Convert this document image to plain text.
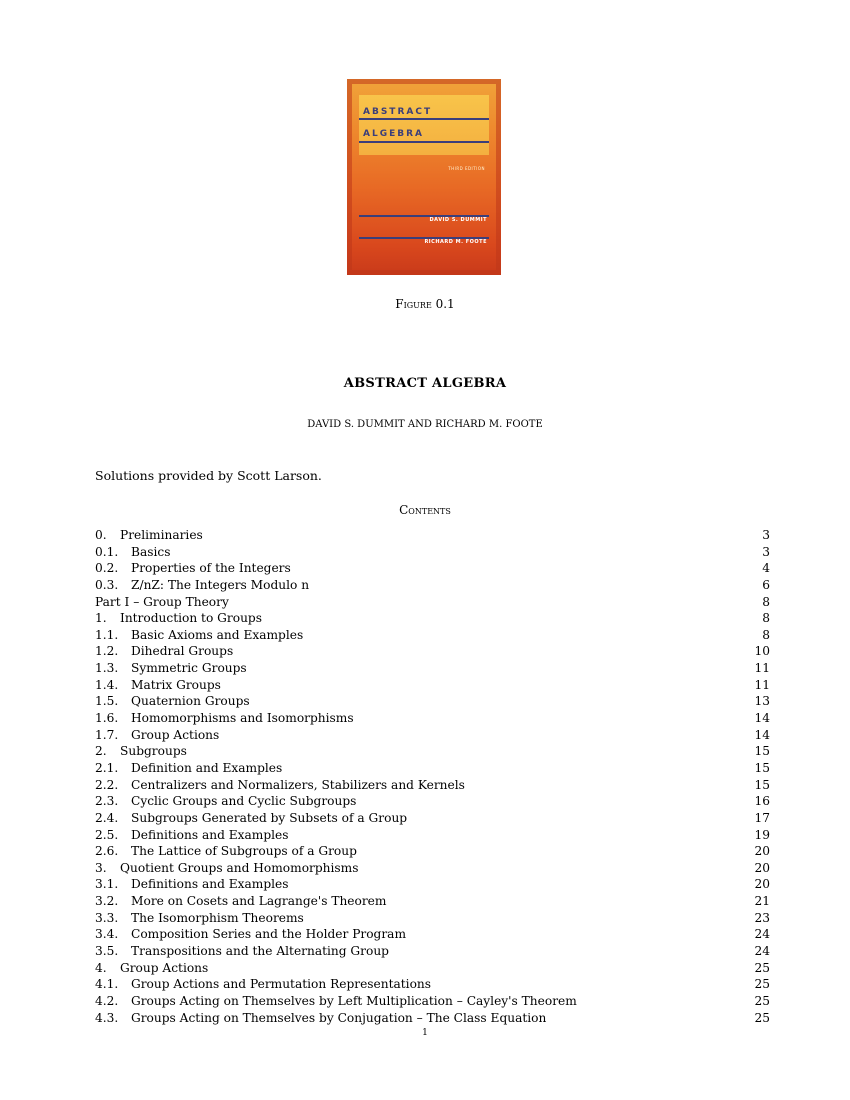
ABSTRACT
ALGEBRA
THIRD EDITION
DAVID S. DUMMIT
RICHARD M. FOOTE
Figure 0.1
ABSTRACT ALGEBRA
DAVID S. DUMMIT AND RICHARD M. FOOTE
Solutions provided by Scott Larson.
Contents
0.	Preliminaries	3
0.1.	Basics	3
0.2.	Properties of the Integers	4
0.3.	Z/nZ: The Integers Modulo n	6
Part I – Group Theory	8
1.	Introduction to Groups	8
1.1.	Basic Axioms and Examples	8
1.2.	Dihedral Groups	10
1.3.	Symmetric Groups	11
1.4.	Matrix Groups	11
1.5.	Quaternion Groups	13
1.6.	Homomorphisms and Isomorphisms	14
1.7.	Group Actions	14
2.	Subgroups	15
2.1.	Definition and Examples	15
2.2.	Centralizers and Normalizers, Stabilizers and Kernels	15
2.3.	Cyclic Groups and Cyclic Subgroups	16
2.4.	Subgroups Generated by Subsets of a Group	17
2.5.	Definitions and Examples	19
2.6.	The Lattice of Subgroups of a Group	20
3.	Quotient Groups and Homomorphisms	20
3.1.	Definitions and Examples	20
3.2.	More on Cosets and Lagrange's Theorem	21
3.3.	The Isomorphism Theorems	23
3.4.	Composition Series and the Holder Program	24
3.5.	Transpositions and the Alternating Group	24
4.	Group Actions	25
4.1.	Group Actions and Permutation Representations	25
4.2.	Groups Acting on Themselves by Left Multiplication – Cayley's Theorem	25
4.3.	Groups Acting on Themselves by Conjugation – The Class Equation	25
1
